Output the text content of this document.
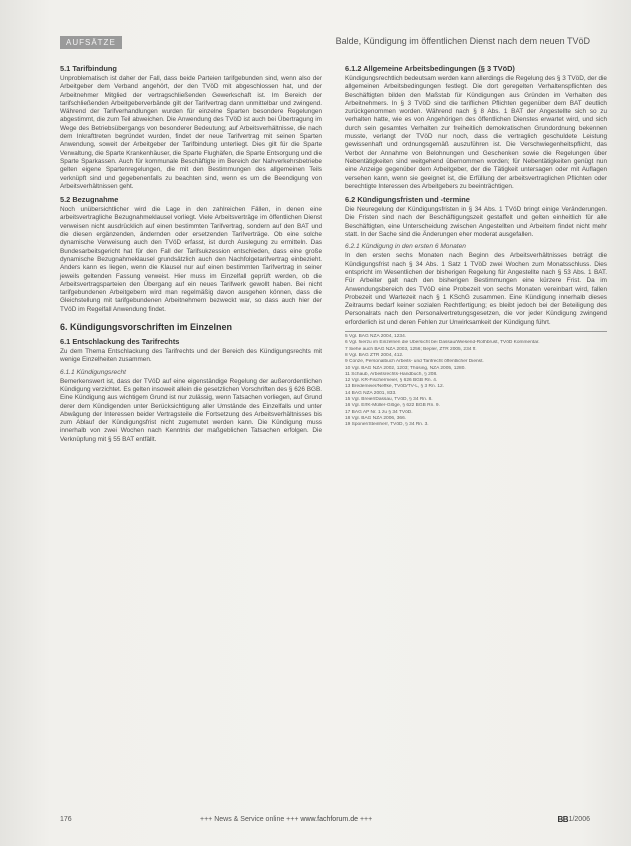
AUFSÄTZE	Balde, Kündigung im öffentlichen Dienst nach dem neuen TVöD
5.1 Tarifbindung

Unproblematisch ist daher der Fall, dass beide Parteien tarifgebunden sind, wenn also der Arbeitgeber dem Verband angehört, der den TVöD mit abgeschlossen hat, und der Arbeitnehmer Mitglied der vertragschließenden Gewerkschaft ist. Im Bereich der tarifschließenden Arbeitgeberverbände gilt der Tarifvertrag dann unmittelbar und zwingend. Während der Tarifverhandlungen wurden für einzelne Sparten besondere Regelungen abgestimmt, die zum Teil abweichen. Die Anwendung des TVöD ist auch bei Übertragung im Wege des Betriebsübergangs von besonderer Bedeutung; auf Arbeitsverhältnisse, die nach dem Inkrafttreten begründet wurden, findet der neue Tarifvertrag mit seinen Sparten Anwendung, soweit der Arbeitgeber der Tarifbindung unterliegt. Dies gilt für die Sparte Verwaltung, die Sparte Krankenhäuser, die Sparte Flughäfen, die Sparte Entsorgung und die Sparte Sparkassen. Auch für kommunale Beschäftigte im Bereich der Nahverkehrsbetriebe gelten eigene Spartenregelungen, die mit den Bestimmungen des allgemeinen Teils verknüpft sind und gegebenenfalls zu beachten sind, wenn es um die Beendigung von Arbeitsverhältnissen geht.

5.2 Bezugnahme

Noch unübersichtlicher wird die Lage in den zahlreichen Fällen, in denen eine arbeitsvertragliche Bezugnahmeklausel vorliegt. Viele Arbeitsverträge im öffentlichen Dienst verweisen nicht ausdrücklich auf einen bestimmten Tarifvertrag, sondern auf den BAT und die diesen ergänzenden, ändernden oder ersetzenden Tarifverträge. Ob eine solche dynamische Verweisung auch den TVöD erfasst, ist durch Auslegung zu ermitteln. Das Bundesarbeitsgericht hat für den Fall der Tarifsukzession entschieden, dass eine große dynamische Bezugnahmeklausel grundsätzlich auch den Nachfolgetarifvertrag einbezieht. Anders kann es liegen, wenn die Klausel nur auf einen bestimmten Tarifvertrag in seiner jeweils geltenden Fassung verweist. Hier muss im Einzelfall geprüft werden, ob die Arbeitsvertragsparteien den Übergang auf ein neues Tarifwerk gewollt haben. Bei nicht tarifgebundenen Arbeitgebern wird man regelmäßig davon ausgehen können, dass die Gleichstellung mit tarifgebundenen Arbeitnehmern bezweckt war, so dass auch hier der TVöD im Regelfall Anwendung findet.

6. Kündigungsvorschriften im Einzelnen
6.1 Entschlackung des Tarifrechts

Zu dem Thema Entschlackung des Tarifrechts und der Bereich des Kündigungsrechts mit wenige Einzelheiten zusammen.

6.1.1 Kündigungsrecht

Bemerkenswert ist, dass der TVöD auf eine eigenständige Regelung der außerordentlichen Kündigung verzichtet. Es gelten insoweit allein die gesetzlichen Vorschriften des § 626 BGB. Eine Kündigung aus wichtigem Grund ist nur zulässig, wenn Tatsachen vorliegen, auf Grund derer dem Kündigenden unter Berücksichtigung aller Umstände des Einzelfalls und unter Abwägung der Interessen beider Vertragsteile die Fortsetzung des Arbeitsverhältnisses bis zum Ablauf der Kündigungsfrist nicht zugemutet werden kann. Die Kündigung muss innerhalb von zwei Wochen nach Kenntnis der maßgeblichen Tatsachen erfolgen. Die Verknüpfung mit § 55 BAT entfällt.

6.1.2 Allgemeine Arbeitsbedingungen (§ 3 TVöD)

Kündigungsrechtlich bedeutsam werden kann allerdings die Regelung des § 3 TVöD, der die allgemeinen Arbeitsbedingungen festlegt. Die dort geregelten Verhaltenspflichten des Beschäftigten bilden den Maßstab für Kündigungen aus Gründen im Verhalten des Arbeitnehmers. In § 3 TVöD sind die tariflichen Pflichten gegenüber dem BAT deutlich zurückgenommen worden. Während nach § 8 Abs. 1 BAT der Angestellte sich so zu verhalten hatte, wie es von Angehörigen des öffentlichen Dienstes erwartet wird, und sich durch sein gesamtes Verhalten zur freiheitlich demokratischen Grundordnung bekennen musste, verlangt der TVöD nur noch, dass die vertraglich geschuldete Leistung gewissenhaft und ordnungsgemäß auszuführen ist. Die Verschwiegenheitspflicht, das Verbot der Annahme von Belohnungen und Geschenken sowie die Regelungen über Nebentätigkeiten sind weitgehend übernommen worden; für Nebentätigkeiten genügt nun eine Anzeige gegenüber dem Arbeitgeber, der die Tätigkeit untersagen oder mit Auflagen versehen kann, wenn sie geeignet ist, die Erfüllung der arbeitsvertraglichen Pflichten oder berechtigte Interessen des Arbeitgebers zu beeinträchtigen.

6.2 Kündigungsfristen und -termine

Die Neuregelung der Kündigungsfristen in § 34 Abs. 1 TVöD bringt einige Veränderungen. Die Fristen sind nach der Beschäftigungszeit gestaffelt und gelten einheitlich für alle Beschäftigten, eine Unterscheidung zwischen Angestellten und Arbeitern findet nicht mehr statt. In der Sache sind die Änderungen eher moderat ausgefallen.

6.2.1 Kündigung in den ersten 6 Monaten

In den ersten sechs Monaten nach Beginn des Arbeitsverhältnisses beträgt die Kündigungsfrist nach § 34 Abs. 1 Satz 1 TVöD zwei Wochen zum Monatsschluss. Dies entspricht im Wesentlichen der bisherigen Regelung für Angestellte nach § 53 Abs. 1 BAT. Für Arbeiter galt nach den bisherigen Bestimmungen eine kürzere Frist. Da im Anwendungsbereich des TVöD eine Probezeit von sechs Monaten vereinbart wird, fallen Probezeit und Wartezeit nach § 1 KSchG zusammen. Eine Kündigung innerhalb dieses Zeitraums bedarf keiner sozialen Rechtfertigung; es bleibt jedoch bei der Beteiligung des Personalrats nach den Personalvertretungsgesetzen, die vor jeder Kündigung zwingend erforderlich ist und deren Fehlen zur Unwirksamkeit der Kündigung führt.

5 Vgl. BAG NZA 2004, 1234.
6 Vgl. hierzu im Einzelnen die Übersicht bei Dassau/Wiesend-Rothbrust, TVöD Kommentar.
7 Siehe auch BAG NZA 2003, 1256; Bepler, ZTR 2005, 234 ff.
8 Vgl. BAG ZTR 2004, 412.
9 Conze, Personalbuch Arbeits- und Tarifrecht öffentlicher Dienst.
10 Vgl. BAG NZA 2002, 1203; Thüsing, NZA 2005, 1280.
11 Schaub, Arbeitsrechts-Handbuch, § 208.
12 Vgl. KR-Fischermeier, § 626 BGB Rn. 4.
13 Bredemeier/Neffke, TVöD/TV-L, § 3 Rn. 12.
14 BAG NZA 2001, 833.
15 Vgl. Breier/Dassau, TVöD, § 34 Rn. 8.
16 Vgl. ErfK-Müller-Glöge, § 622 BGB Rn. 9.
17 BAG AP Nr. 1 zu § 34 TVöD.
18 Vgl. BAG NZA 2006, 366.
19 Sponer/Steinherr, TVöD, § 34 Rn. 3.
176	+++ News & Service online +++ www.fachforum.de +++	BB 1/2006
